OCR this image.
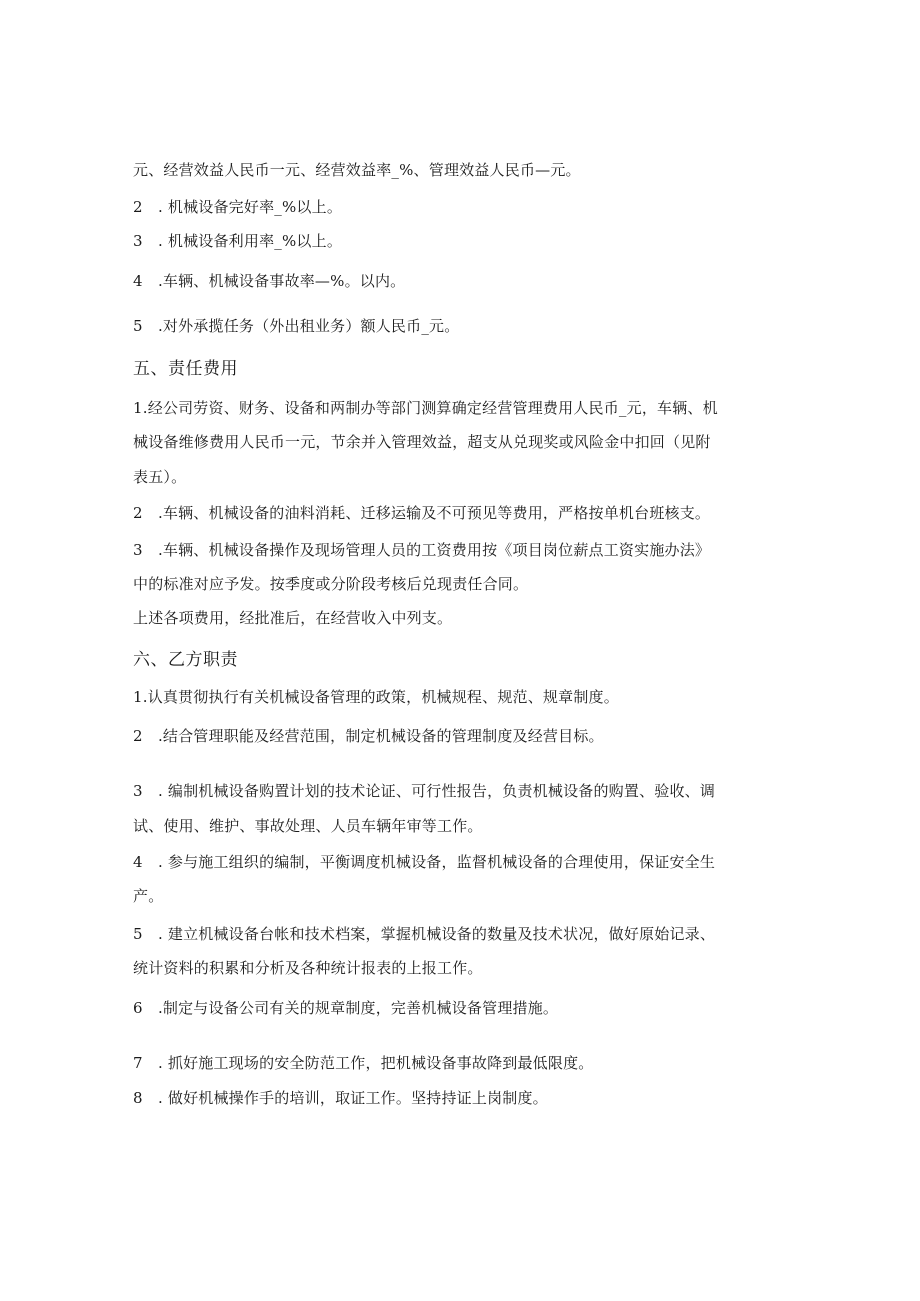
元、经营效益人民币一元、经营效益率_%、管理效益人民币—元。
2　. 机械设备完好率_%以上。
3　. 机械设备利用率_%以上。
4　.车辆、机械设备事故率—%。以内。
5　.对外承揽任务（外出租业务）额人民币_元。
五、责任费用
1.经公司劳资、财务、设备和两制办等部门测算确定经营管理费用人民币_元，车辆、机
械设备维修费用人民币一元，节余并入管理效益，超支从兑现奖或风险金中扣回（见附
表五）。
2　.车辆、机械设备的油料消耗、迁移运输及不可预见等费用，严格按单机台班核支。
3　.车辆、机械设备操作及现场管理人员的工资费用按《项目岗位薪点工资实施办法》
中的标准对应予发。按季度或分阶段考核后兑现责任合同。
上述各项费用，经批准后，在经营收入中列支。
六、乙方职责
1.认真贯彻执行有关机械设备管理的政策，机械规程、规范、规章制度。
2　.结合管理职能及经营范围，制定机械设备的管理制度及经营目标。
3　. 编制机械设备购置计划的技术论证、可行性报告，负责机械设备的购置、验收、调
试、使用、维护、事故处理、人员车辆年审等工作。
4　. 参与施工组织的编制，平衡调度机械设备，监督机械设备的合理使用，保证安全生
产。
5　. 建立机械设备台帐和技术档案，掌握机械设备的数量及技术状况，做好原始记录、
统计资料的积累和分析及各种统计报表的上报工作。
6　.制定与设备公司有关的规章制度，完善机械设备管理措施。
7　. 抓好施工现场的安全防范工作，把机械设备事故降到最低限度。
8　. 做好机械操作手的培训，取证工作。坚持持证上岗制度。
